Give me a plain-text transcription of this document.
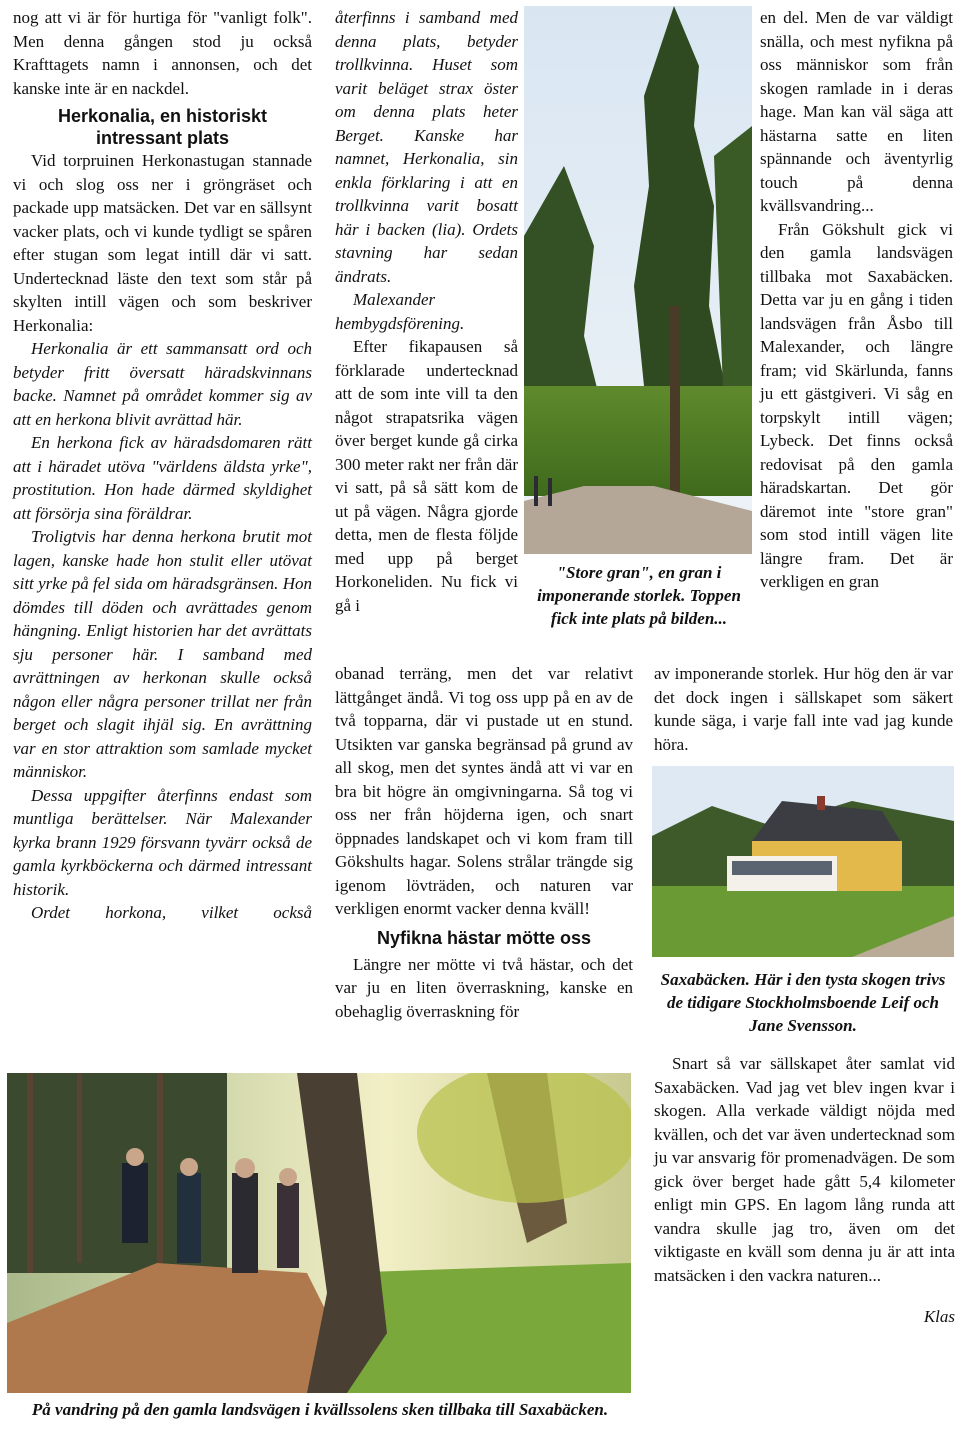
nog att vi är för hurtiga för "vanligt folk". Men denna gången stod ju också Krafttagets namn i annonsen, och det kanske inte är en nackdel.

Herkonalia, en historiskt intressant plats

Vid torpruinen Herkonastugan stannade vi och slog oss ner i gröngräset och packade upp matsäcken. Det var en sällsynt vacker plats, och vi kunde tydligt se spåren efter stugan som legat intill där vi satt. Undertecknad läste den text som står på skylten intill vägen och som beskriver Herkonalia:

Herkonalia är ett sammansatt ord och betyder fritt översatt häradskvinnans backe. Namnet på området kommer sig av att en herkona blivit avrättad här.

En herkona fick av häradsdomaren rätt att i häradet utöva "världens äldsta yrke", prostitution. Hon hade därmed skyldighet att försörja sina föräldrar.

Troligtvis har denna herkona brutit mot lagen, kanske hade hon stulit eller utövat sitt yrke på fel sida om häradsgränsen. Hon dömdes till döden och avrättades genom hängning. Enligt historien har det avrättats sju personer här. I samband med avrättningen av herkonan skulle också någon eller några personer trillat ner från berget och slagit ihjäl sig. En avrättning var en stor attraktion som samlade mycket människor.

Dessa uppgifter återfinns endast som muntliga berättelser. När Malexander kyrka brann 1929 försvann tyvärr också de gamla kyrkböckerna och därmed intressant historik.

Ordet horkona, vilket också

återfinns i samband med denna plats, betyder trollkvinna. Huset som varit beläget strax öster om denna plats heter Berget. Kanske har namnet, Herkonalia, sin enkla förklaring i att en trollkvinna varit bosatt här i backen (lia). Ordets stavning har sedan ändrats.

Malexander hembygdsförening.

Efter fikapausen så förklarade undertecknad att de som inte vill ta den något strapatsrika vägen över berget kunde gå cirka 300 meter rakt ner från där vi satt, på så sätt kom de ut på vägen. Några gjorde detta, men de flesta följde med upp på berget Horkoneliden. Nu fick vi gå i

obanad terräng, men det var relativt lättgånget ändå. Vi tog oss upp på en av de två topparna, där vi pustade ut en stund. Utsikten var ganska begränsad på grund av all skog, men det syntes ändå att vi var en bra bit högre än omgivningarna. Så tog vi oss ner från höjderna igen, och snart öppnades landskapet och vi kom fram till Gökshults hagar. Solens strålar trängde sig igenom lövträden, och naturen var verkligen enormt vacker denna kväll!

Nyfikna hästar mötte oss

Längre ner mötte vi två hästar, och det var ju en liten överraskning, kanske en obehaglig överraskning för

"Store gran", en gran i imponerande storlek. Toppen fick inte plats på bilden...

en del. Men de var väldigt snälla, och mest nyfikna på oss människor som från skogen ramlade in i deras hage. Man kan väl säga att hästarna satte en liten spännande och äventyrlig touch på denna kvällsvandring...

Från Gökshult gick vi den gamla landsvägen tillbaka mot Saxabäcken. Detta var ju en gång i tiden landsvägen från Åsbo till Malexander, och längre fram; vid Skärlunda, fanns ju ett gästgiveri. Vi såg en torpskylt intill vägen; Lybeck. Det finns också redovisat på den gamla häradskartan. Det gör däremot inte "store gran" som stod intill vägen lite längre fram. Det är verkligen en gran

av imponerande storlek. Hur hög den är var det dock ingen i sällskapet som säkert kunde säga, i varje fall inte vad jag kunde höra.

Saxabäcken. Här i den tysta skogen trivs de tidigare Stockholmsboende Leif och Jane Svensson.

Snart så var sällskapet åter samlat vid Saxabäcken. Vad jag vet blev ingen kvar i skogen. Alla verkade väldigt nöjda med kvällen, och det var även undertecknad som ju var ansvarig för promenadvägen. De som gick över berget hade gått 5,4 kilometer enligt min GPS. En lagom lång runda att vandra skulle jag tro, även om det viktigaste en kväll som denna ju är att inta matsäcken i den vackra naturen...

Klas

På vandring på den gamla landsvägen i kvällssolens sken tillbaka till Saxabäcken.
